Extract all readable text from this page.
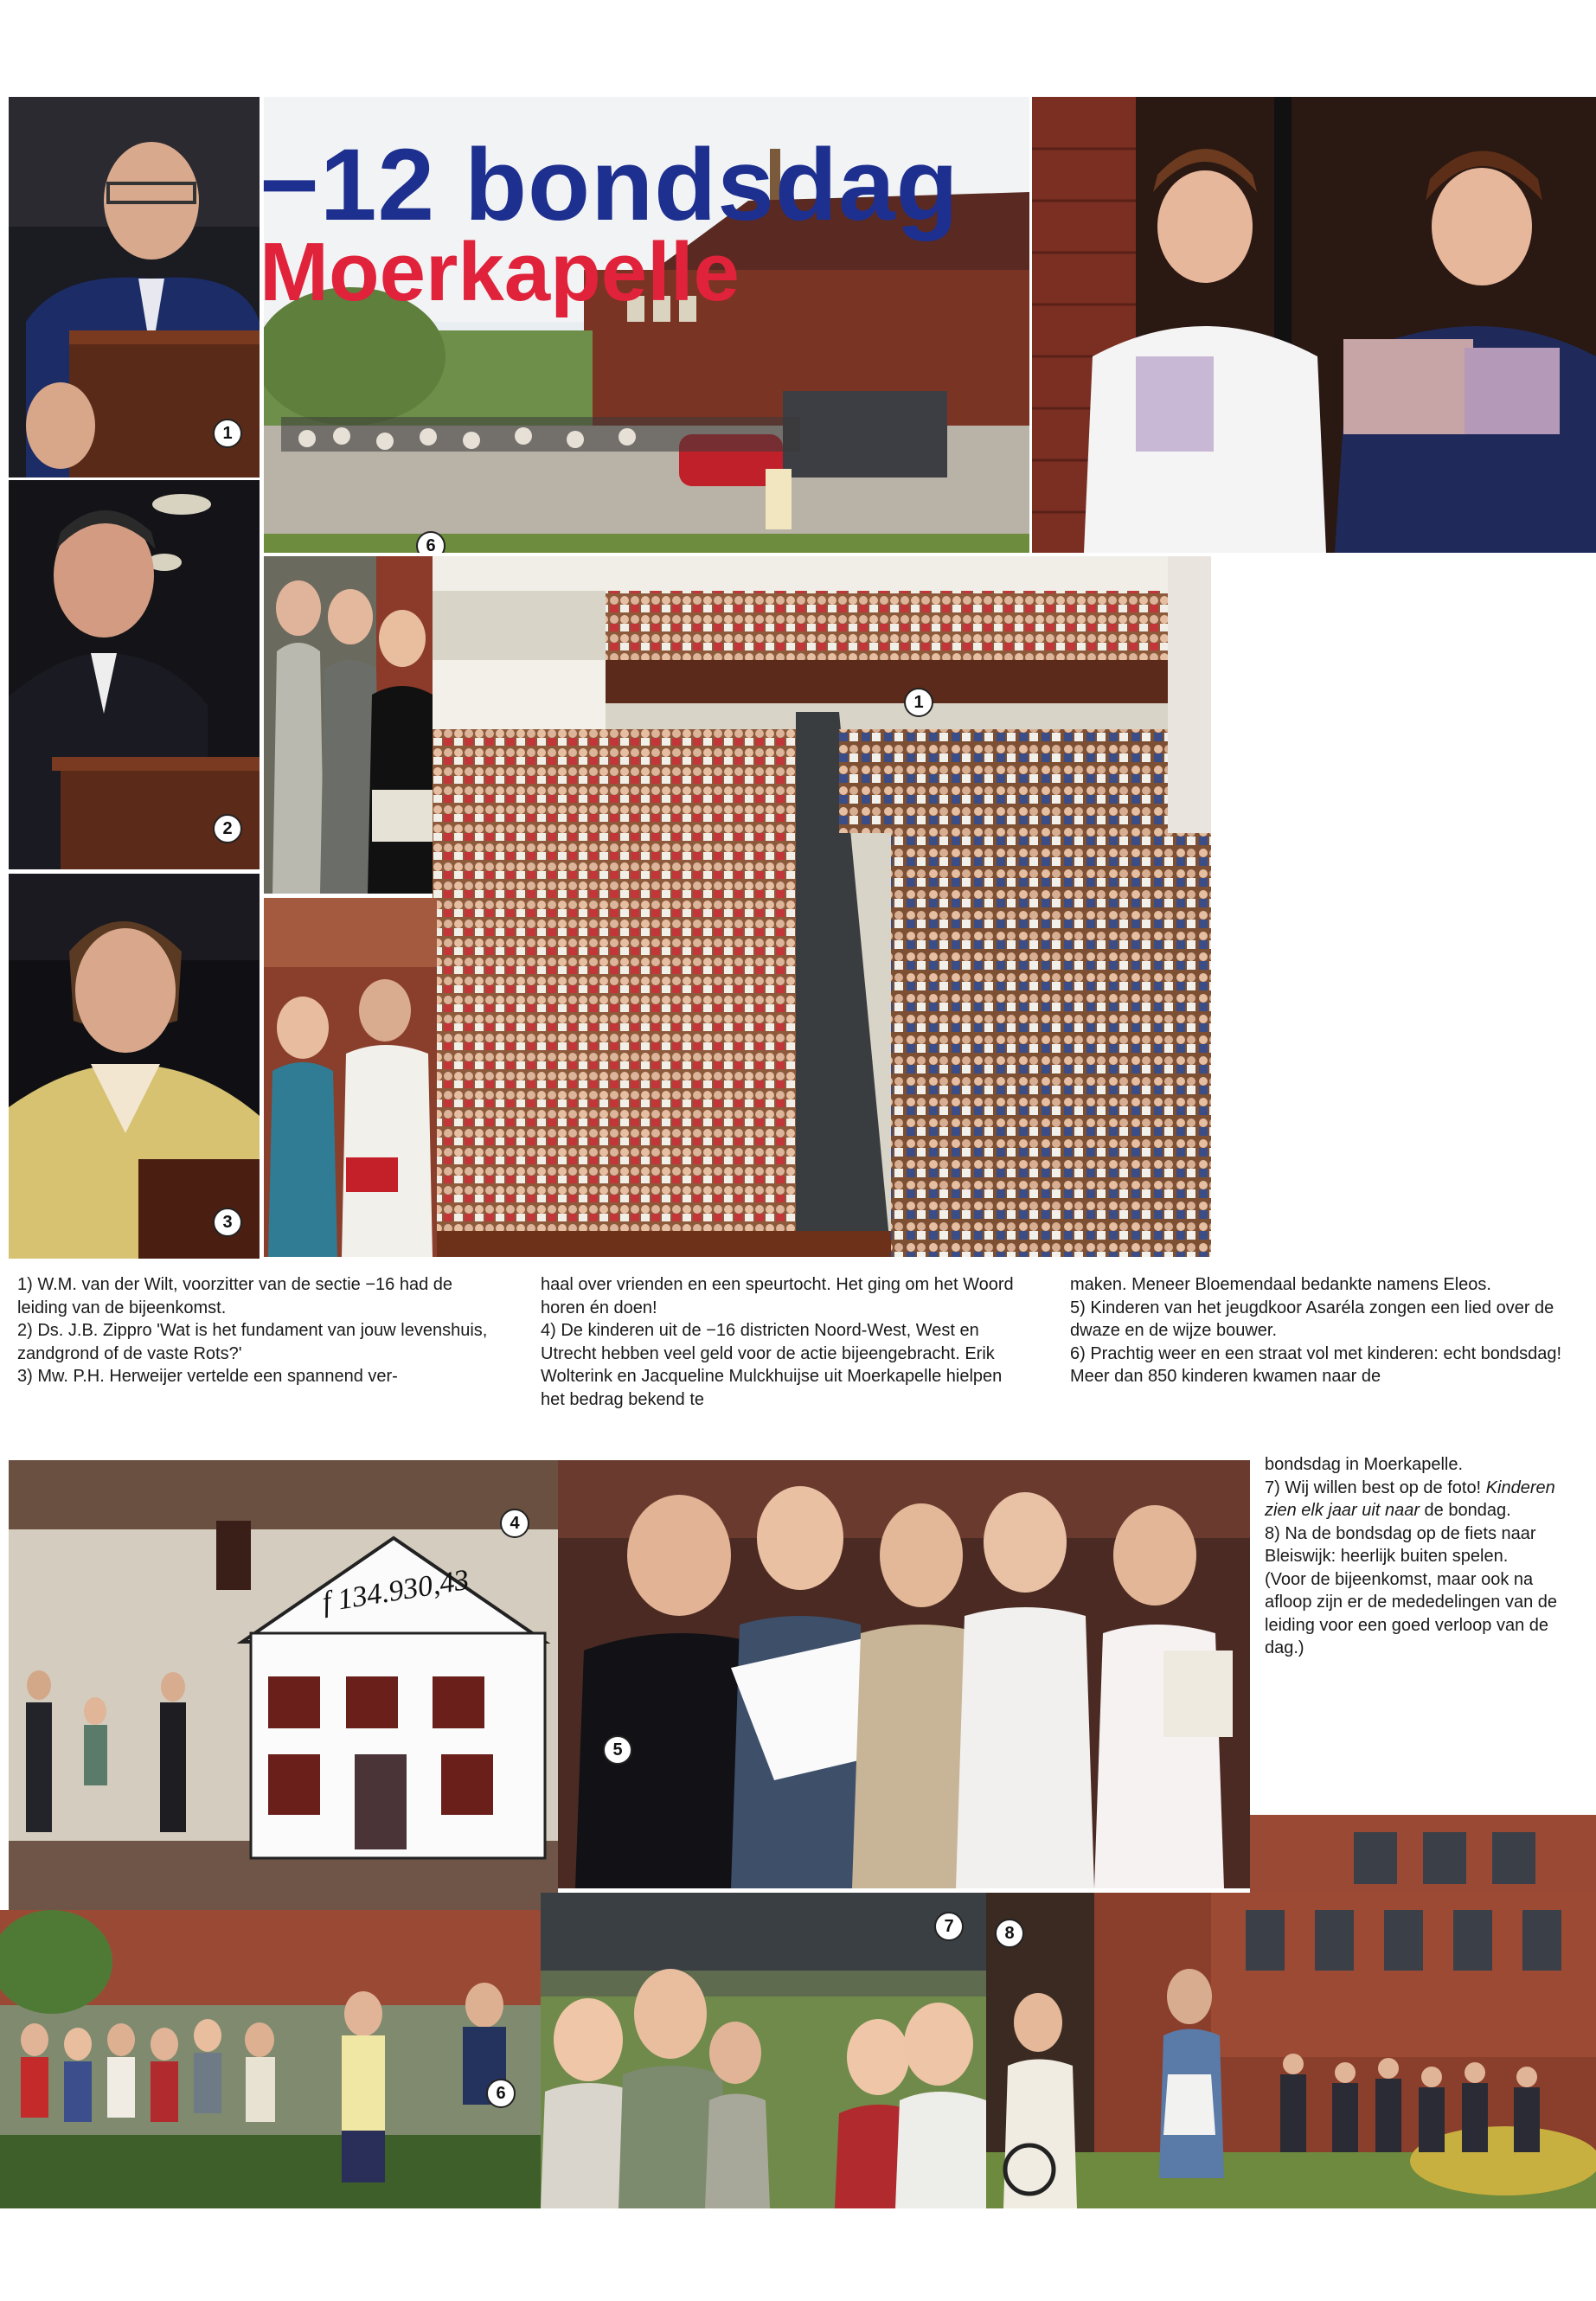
1
6
−12 bondsdag
Moerkapelle
2
1
3

1) W.M. van der Wilt, voorzitter van de sectie −16 had de leiding van de bijeenkomst.

2) Ds. J.B. Zippro 'Wat is het fundament van jouw levenshuis, zandgrond of de vaste Rots?'

3) Mw. P.H. Herweijer vertelde een spannend ver-

haal over vrienden en een speurtocht. Het ging om het Woord horen én doen!

4) De kinderen uit de −16 districten Noord-West, West en Utrecht hebben veel geld voor de actie bijeengebracht. Erik Wolterink en Jacqueline Mulckhuijse uit Moerkapelle hielpen het bedrag bekend te

maken. Meneer Bloemendaal bedankte namens Eleos.

5) Kinderen van het jeugdkoor Asaréla zongen een lied over de dwaze en de wijze bouwer.

6) Prachtig weer en een straat vol met kinderen: echt bondsdag! Meer dan 850 kinderen kwamen naar de

bondsdag in Moerkapelle.

7) Wij willen best op de foto! Kinderen zien elk jaar uit naar de bondag.

8) Na de bondsdag op de fiets naar Bleiswijk: heerlijk buiten spelen.

(Voor de bijeenkomst, maar ook na afloop zijn er de mededelingen van de leiding voor een goed verloop van de dag.)

f 134.930,43
4
5
6
7	8
